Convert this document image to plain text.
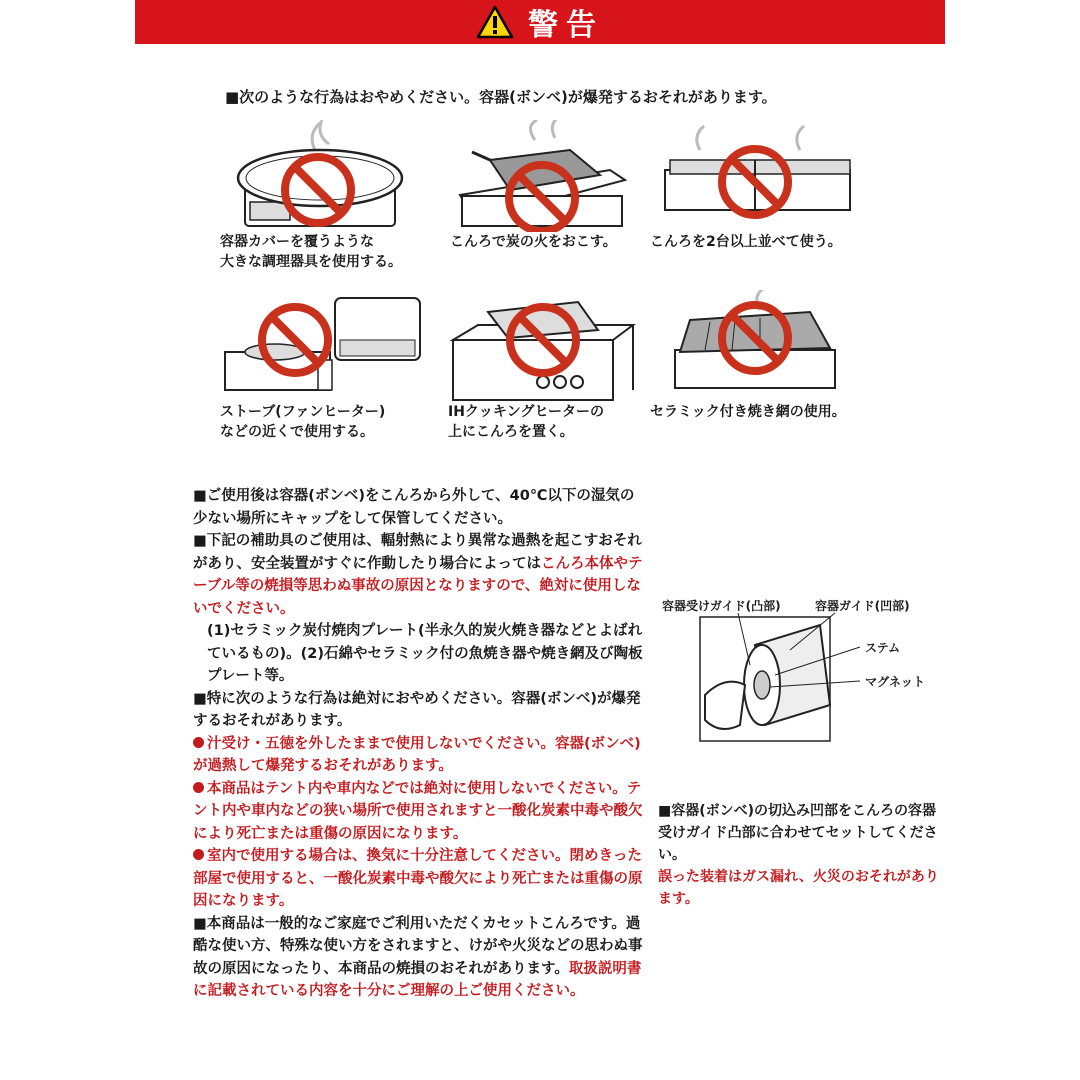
警告
■次のような行為はおやめください。容器(ボンベ)が爆発するおそれがあります。
容器カバーを覆うような
大きな調理器具を使用する。
こんろで炭の火をおこす。	こんろを2台以上並べて使う。
ストーブ(ファンヒーター)
などの近くで使用する。
IHクッキングヒーターの
上にこんろを置く。
セラミック付き焼き網の使用。

■ご使用後は容器(ボンベ)をこんろから外して、40℃以下の湿気の少ない場所にキャップをして保管してください。

■下記の補助具のご使用は、輻射熱により異常な過熱を起こすおそれがあり、安全装置がすぐに作動したり場合によってはこんろ本体やテーブル等の焼損等思わぬ事故の原因となりますので、絶対に使用しないでください。

(1)セラミック炭付焼肉プレート(半永久的炭火焼き器などとよばれているもの)。(2)石綿やセラミック付の魚焼き器や焼き網及び陶板プレート等。

■特に次のような行為は絶対におやめください。容器(ボンベ)が爆発するおそれがあります。

汁受け・五徳を外したままで使用しないでください。容器(ボンベ)が過熱して爆発するおそれがあります。

本商品はテント内や車内などでは絶対に使用しないでください。テント内や車内などの狭い場所で使用されますと一酸化炭素中毒や酸欠により死亡または重傷の原因になります。

室内で使用する場合は、換気に十分注意してください。閉めきった部屋で使用すると、一酸化炭素中毒や酸欠により死亡または重傷の原因になります。

■本商品は一般的なご家庭でご利用いただくカセットこんろです。過酷な使い方、特殊な使い方をされますと、けがや火災などの思わぬ事故の原因になったり、本商品の焼損のおそれがあります。取扱説明書に記載されている内容を十分にご理解の上ご使用ください。

容器受けガイド(凸部)	容器ガイド(凹部)
ステム
マグネット
■容器(ボンベ)の切込み凹部をこんろの容器受けガイド凸部に合わせてセットしてください。
誤った装着はガス漏れ、火災のおそれがあります。
